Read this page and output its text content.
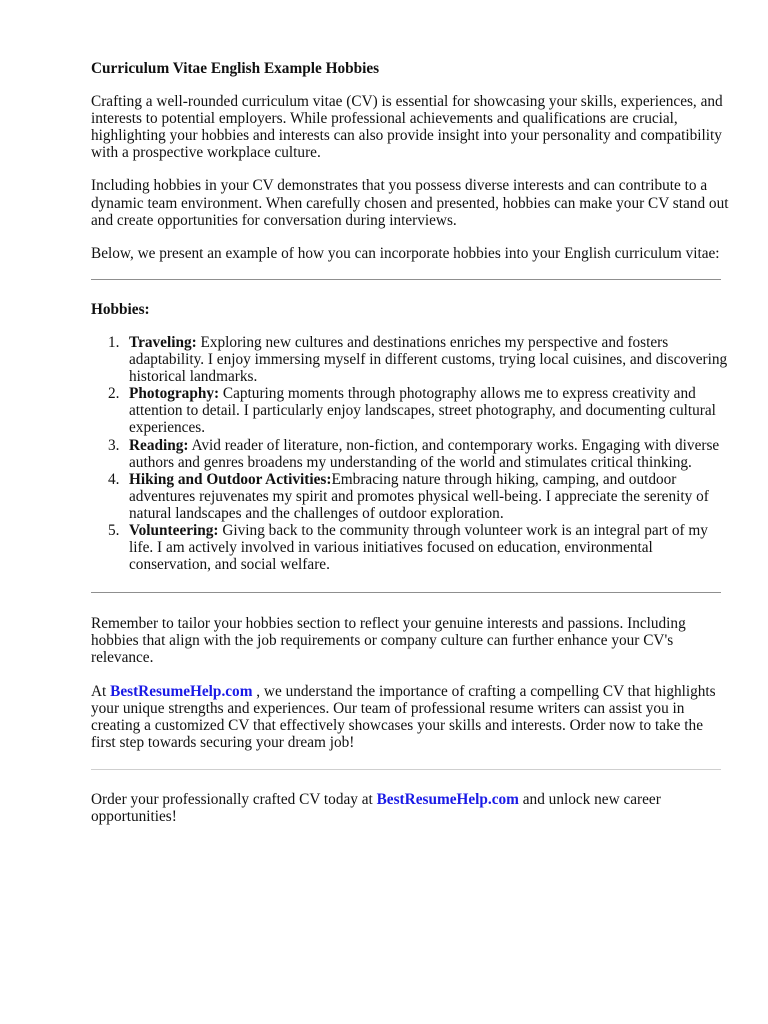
Curriculum Vitae English Example Hobbies

Crafting a well-rounded curriculum vitae (CV) is essential for showcasing your skills, experiences, and interests to potential employers. While professional achievements and qualifications are crucial, highlighting your hobbies and interests can also provide insight into your personality and compatibility with a prospective workplace culture.

Including hobbies in your CV demonstrates that you possess diverse interests and can contribute to a dynamic team environment. When carefully chosen and presented, hobbies can make your CV stand out and create opportunities for conversation during interviews.

Below, we present an example of how you can incorporate hobbies into your English curriculum vitae:

Hobbies:
1. Traveling: Exploring new cultures and destinations enriches my perspective and fosters adaptability. I enjoy immersing myself in different customs, trying local cuisines, and discovering historical landmarks.
2. Photography: Capturing moments through photography allows me to express creativity and attention to detail. I particularly enjoy landscapes, street photography, and documenting cultural experiences.
3. Reading: Avid reader of literature, non-fiction, and contemporary works. Engaging with diverse authors and genres broadens my understanding of the world and stimulates critical thinking.
4. Hiking and Outdoor Activities:Embracing nature through hiking, camping, and outdoor adventures rejuvenates my spirit and promotes physical well-being. I appreciate the serenity of natural landscapes and the challenges of outdoor exploration.
5. Volunteering: Giving back to the community through volunteer work is an integral part of my life. I am actively involved in various initiatives focused on education, environmental conservation, and social welfare.

Remember to tailor your hobbies section to reflect your genuine interests and passions. Including hobbies that align with the job requirements or company culture can further enhance your CV's relevance.

At BestResumeHelp.com , we understand the importance of crafting a compelling CV that highlights your unique strengths and experiences. Our team of professional resume writers can assist you in creating a customized CV that effectively showcases your skills and interests. Order now to take the first step towards securing your dream job!

Order your professionally crafted CV today at BestResumeHelp.com and unlock new career opportunities!
